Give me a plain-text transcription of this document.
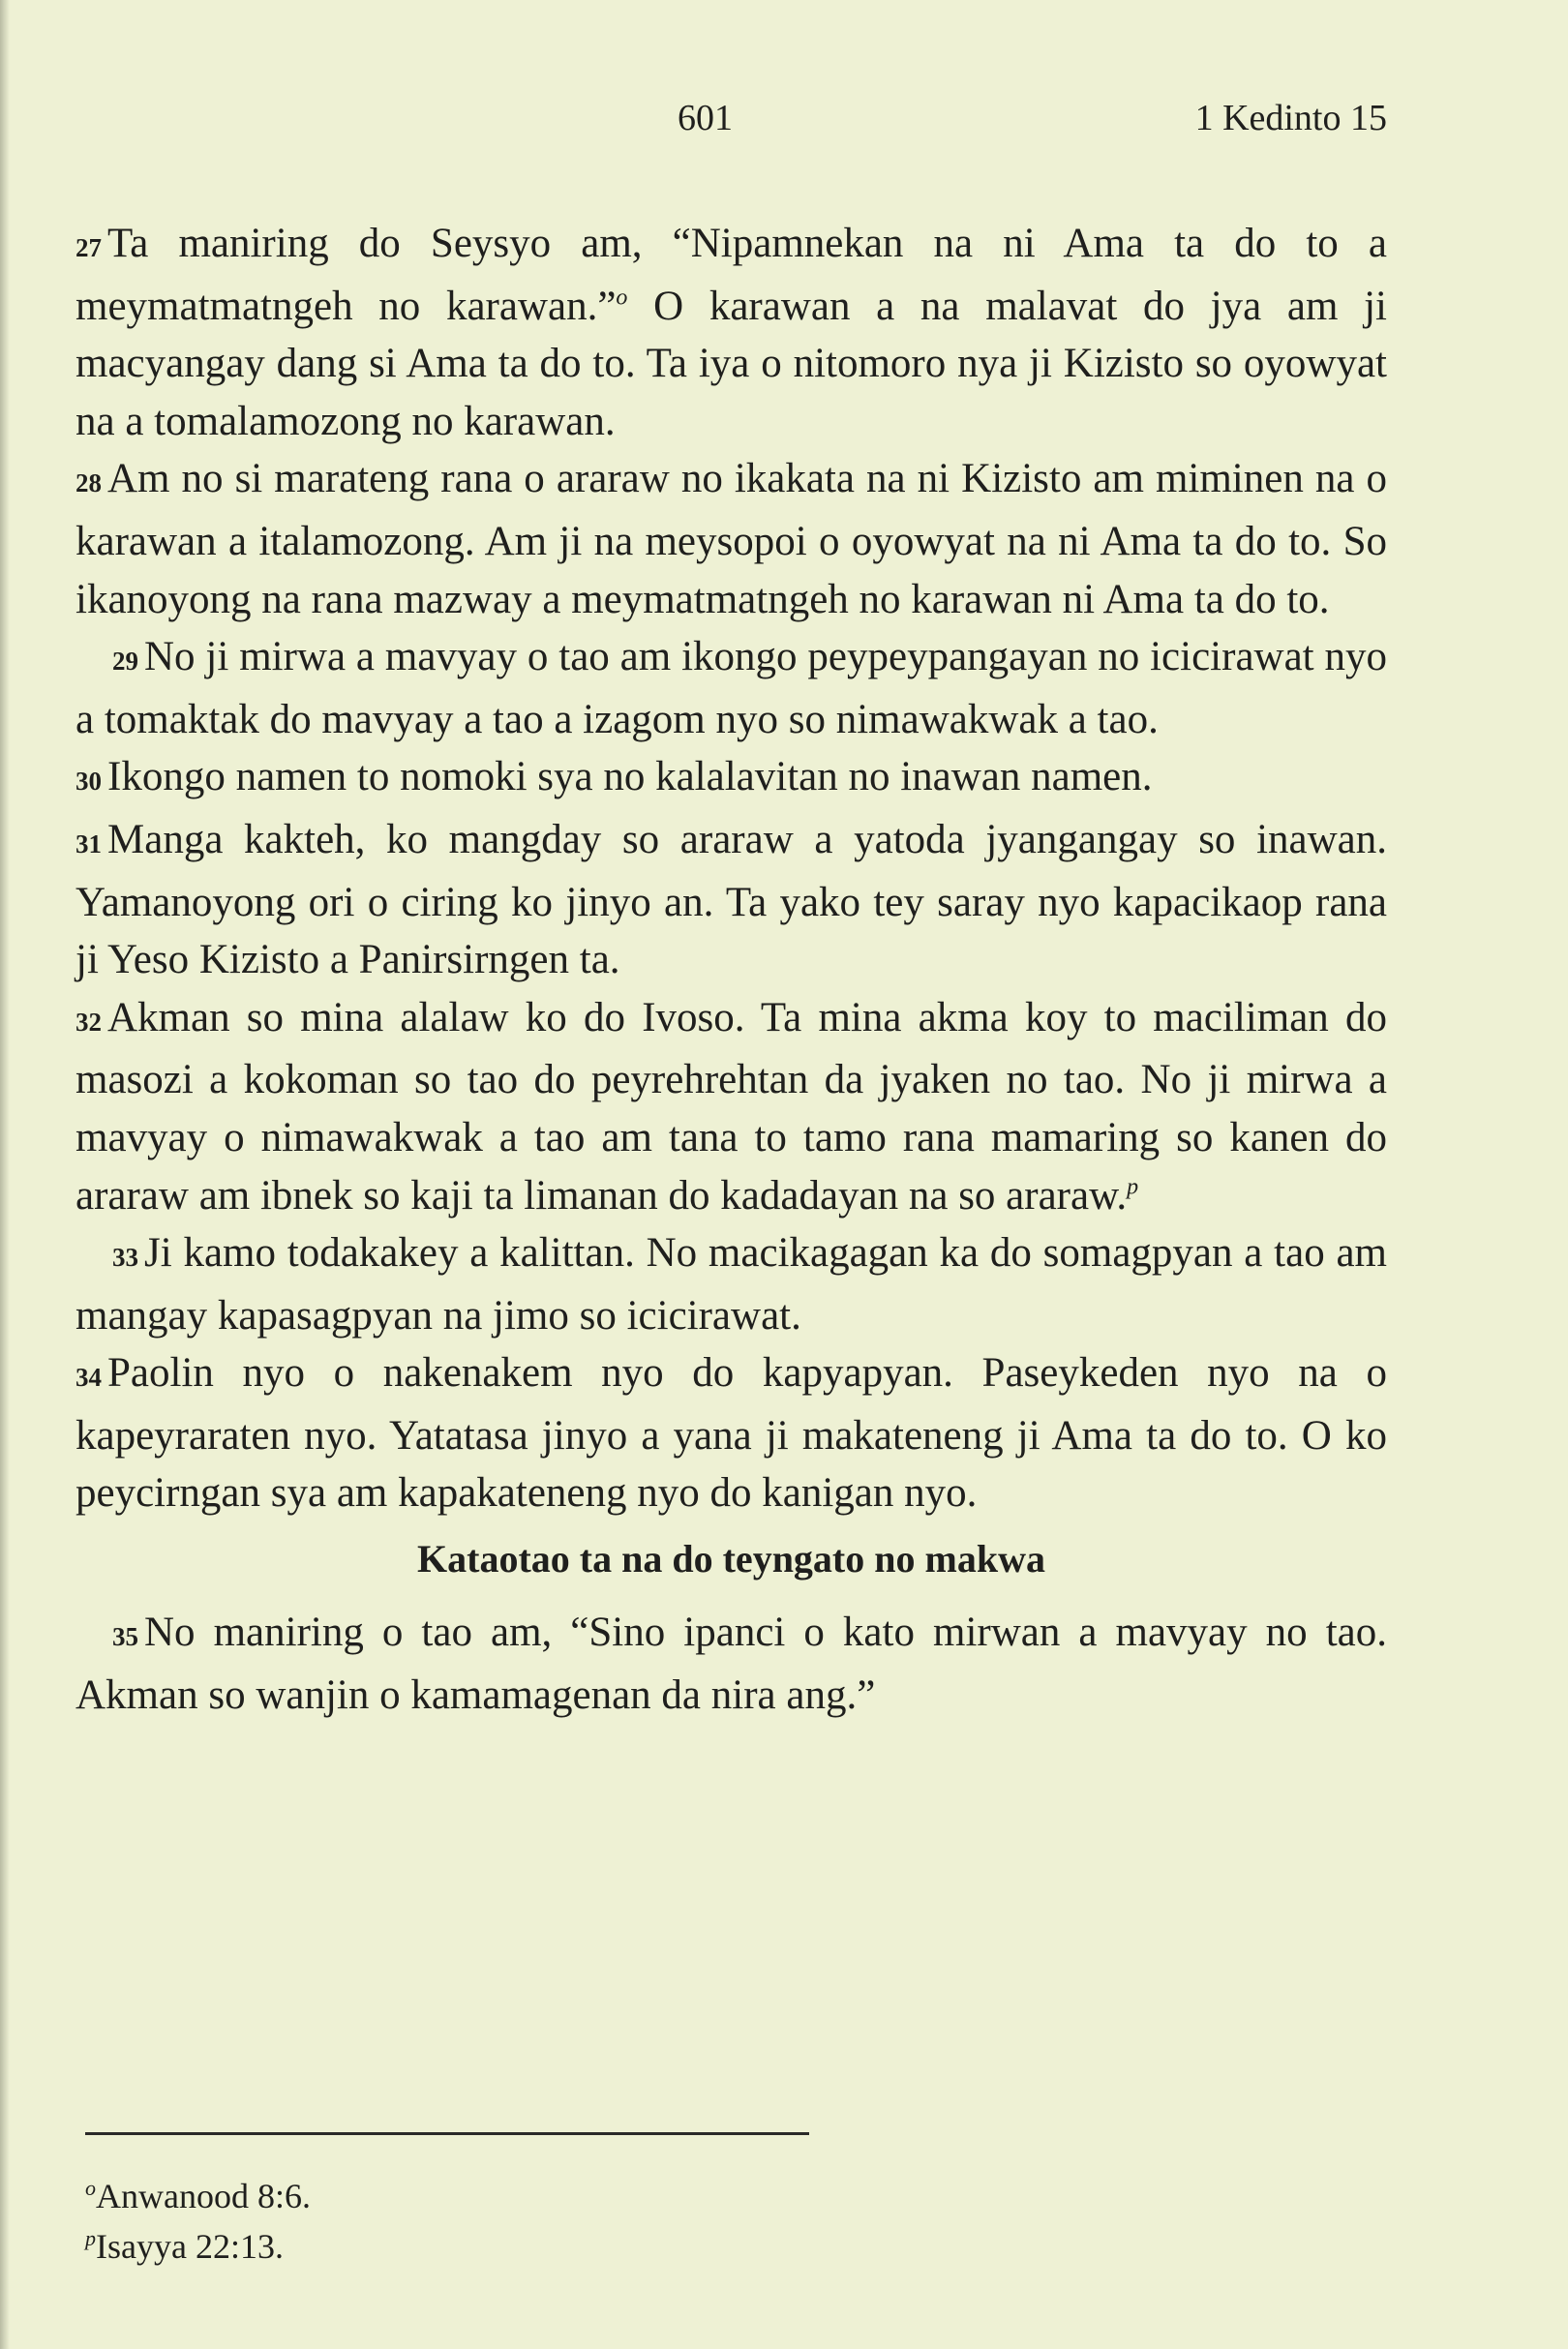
601	1 Kedinto 15

27 Ta maniring do Seysyo am, “Nipamnekan na ni Ama ta do to a meymatmatngeh no karawan.”$^o$ O karawan a na malavat do jya am ji macyangay dang si Ama ta do to. Ta iya o nitomoro nya ji Kizisto so oyowyat na a tomalamozong no karawan.

28 Am no si marateng rana o araraw no ikakata na ni Kizisto am miminen na o karawan a italamozong. Am ji na meysopoi o oyowyat na ni Ama ta do to. So ikanoyong na rana mazway a meymatmatngeh no karawan ni Ama ta do to.

29 No ji mirwa a mavyay o tao am ikongo peypeypangayan no icicirawat nyo a tomaktak do mavyay a tao a izagom nyo so nimawakwak a tao.

30 Ikongo namen to nomoki sya no kalalavitan no inawan namen.

31 Manga kakteh, ko mangday so araraw a yatoda jyangangay so inawan. Yamanoyong ori o ciring ko jinyo an. Ta yako tey saray nyo kapacikaop rana ji Yeso Kizisto a Panirsirngen ta.

32 Akman so mina alalaw ko do Ivoso. Ta mina akma koy to maciliman do masozi a kokoman so tao do peyrehrehtan da jyaken no tao. No ji mirwa a mavyay o nimawakwak a tao am tana to tamo rana mamaring so kanen do araraw am ibnek so kaji ta limanan do kadadayan na so araraw.$^p$

33 Ji kamo todakakey a kalittan. No macikagagan ka do somagpyan a tao am mangay kapasagpyan na jimo so icicirawat.

34 Paolin nyo o nakenakem nyo do kapyapyan. Paseykeden nyo na o kapeyraraten nyo. Yatatasa jinyo a yana ji makateneng ji Ama ta do to. O ko peycirngan sya am kapakateneng nyo do kanigan nyo.

Kataotao ta na do teyngato no makwa

35 No maniring o tao am, “Sino ipanci o kato mirwan a mavyay no tao. Akman so wanjin o kamamagenan da nira ang.”

$^o$Anwanood 8:6.

$^p$Isayya 22:13.
